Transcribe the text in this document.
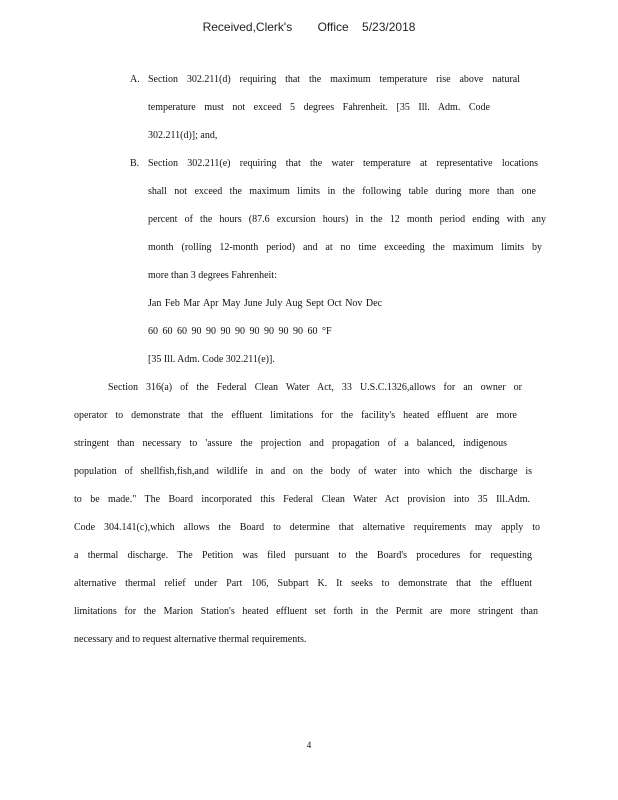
Received,Clerk's Office 5/23/2018
A. Section 302.211(d) requiring that the maximum temperature rise above natural
temperature must not exceed 5 degrees Fahrenheit. [35 Ill. Adm. Code
302.211(d)]; and,
B. Section 302.211(e) requiring that the water temperature at representative locations
shall not exceed the maximum limits in the following table during more than one
percent of the hours (87.6 excursion hours) in the 12 month period ending with any
month (rolling 12-month period) and at no time exceeding the maximum limits by
more than 3 degrees Fahrenheit:
Jan Feb Mar Apr May June July Aug Sept Oct Nov Dec
60 60 60 90 90 90 90 90 90 90 90 60 °F
[35 Ill. Adm. Code 302.211(e)].
Section 316(a) of the Federal Clean Water Act, 33 U.S.C.1326,allows for an owner or
operator to demonstrate that the effluent limitations for the facility's heated effluent are more
stringent than necessary to 'assure the projection and propagation of a balanced, indigenous
population of shellfish,fish,and wildlife in and on the body of water into which the discharge is
to be made." The Board incorporated this Federal Clean Water Act provision into 35 Ill.Adm.
Code 304.141(c),which allows the Board to determine that alternative requirements may apply to
a thermal discharge. The Petition was filed pursuant to the Board's procedures for requesting
alternative thermal relief under Part 106, Subpart K. It seeks to demonstrate that the effluent
limitations for the Marion Station's heated effluent set forth in the Permit are more stringent than
necessary and to request alternative thermal requirements.
4
